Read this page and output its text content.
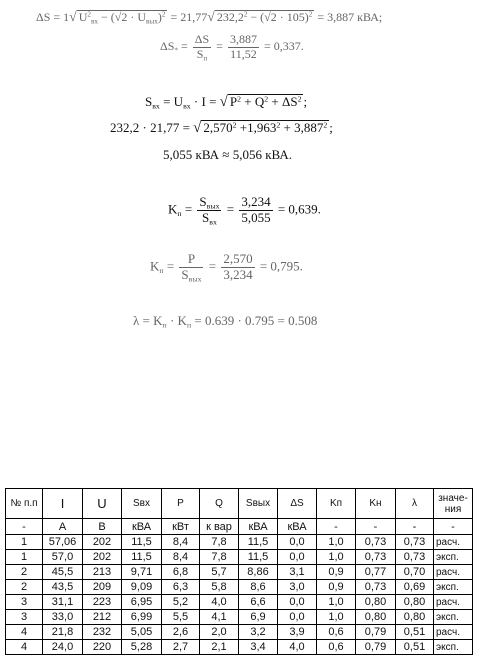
ΔS = 1√ $U^2_{вх} - (√2 \cdot U_{вых})^2 = 21,77√$ $232,2^2 - (√2 \cdot 105)^2 = 3,887$ кВА;
$\Delta S_* = \frac{\Delta S}{S_п} = \frac{3,887}{11,52} = 0,337$.
$S_{вх} = U_{вх} \cdot I$ = √ $P^2 + Q^2 + \Delta S^2$ ;
232,2 · 21,77 = √ $2,570^2 +1,963^2 + 3,887^2$ ;
5,055 кВА ≈ 5,056 кВА.
$K_п = \frac{S_{вых}}{S_{вх}} = \frac{3,234}{5,055} = 0,639$.
$K_п = \frac{P}{S_{вых}} = \frac{2,570}{3,234} = 0,795$.
$\lambda = K_п \cdot K_п = 0.639 \cdot 0.795 = 0.508$
№ п.п	I	U	Sвх	P	Q	Sвых	ΔS	Kп	Kн	λ	значе-ния
-	А	В	кВА	кВт	к вар	кВА	кВА	-	-	-	-
1	57,06	202	11,5	8,4	7,8	11,5	0,0	1,0	0,73	0,73	расч.
1	57,0	202	11,5	8,4	7,8	11,5	0,0	1,0	0,73	0,73	эксп.
2	45,5	213	9,71	6,8	5,7	8,86	3,1	0,9	0,77	0,70	расч.
2	43,5	209	9,09	6,3	5,8	8,6	3,0	0,9	0,73	0,69	эксп.
3	31,1	223	6,95	5,2	4,0	6,6	0,0	1,0	0,80	0,80	расч.
3	33,0	212	6,99	5,5	4,1	6,9	0,0	1,0	0,80	0,80	эксп.
4	21,8	232	5,05	2,6	2,0	3,2	3,9	0,6	0,79	0,51	расч.
4	24,0	220	5,28	2,7	2,1	3,4	4,0	0,6	0,79	0,51	эксп.
